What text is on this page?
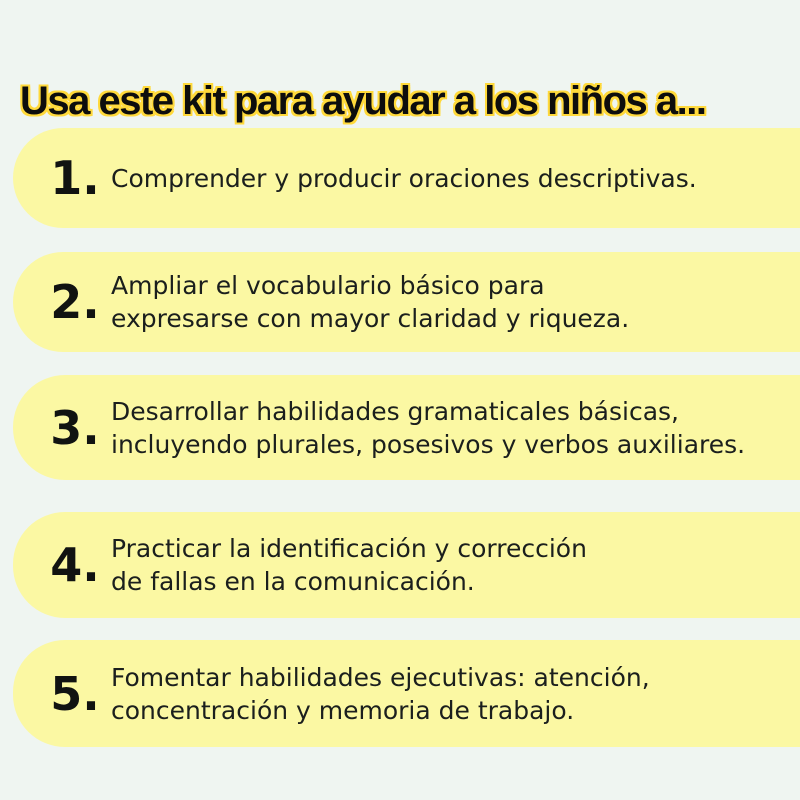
Usa este kit para ayudar a los niños a...
1. Comprender y producir oraciones descriptivas.
2. Ampliar el vocabulario básico para
expresarse con mayor claridad y riqueza.
3. Desarrollar habilidades gramaticales básicas,
incluyendo plurales, posesivos y verbos auxiliares.
4. Practicar la identificación y corrección
de fallas en la comunicación.
5. Fomentar habilidades ejecutivas: atención,
concentración y memoria de trabajo.
